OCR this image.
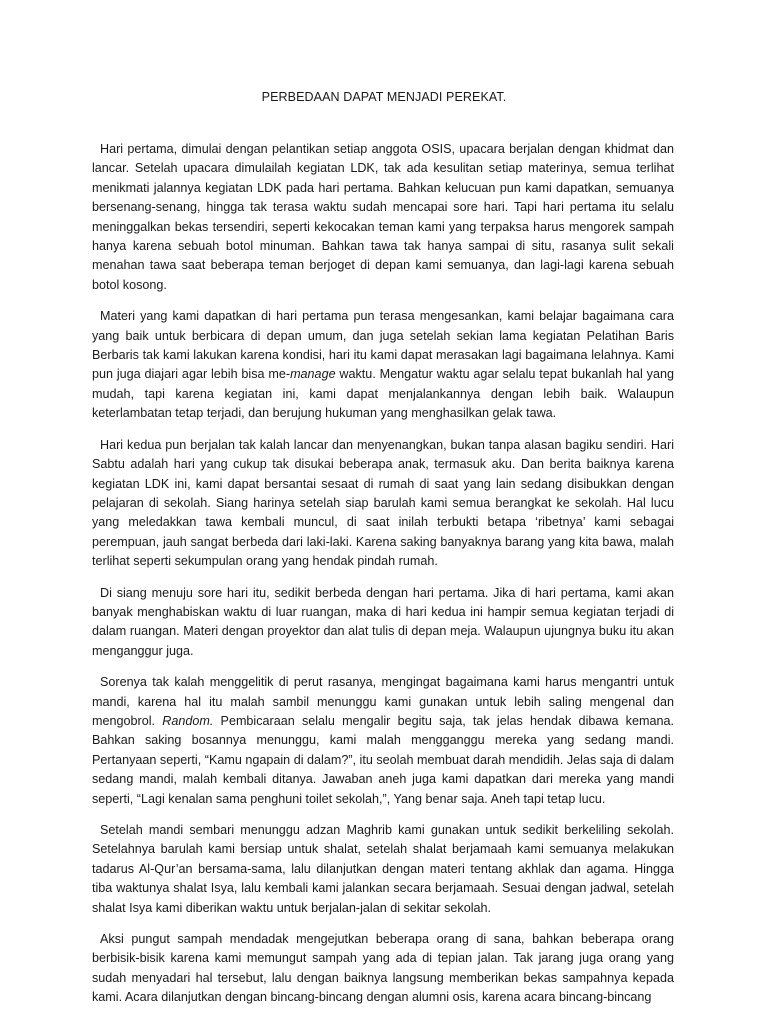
PERBEDAAN DAPAT MENJADI PEREKAT.

Hari pertama, dimulai dengan pelantikan setiap anggota OSIS, upacara berjalan dengan khidmat dan lancar. Setelah upacara dimulailah kegiatan LDK, tak ada kesulitan setiap materinya, semua terlihat menikmati jalannya kegiatan LDK pada hari pertama. Bahkan kelucuan pun kami dapatkan, semuanya bersenang-senang, hingga tak terasa waktu sudah mencapai sore hari. Tapi hari pertama itu selalu meninggalkan bekas tersendiri, seperti kekocakan teman kami yang terpaksa harus mengorek sampah hanya karena sebuah botol minuman. Bahkan tawa tak hanya sampai di situ, rasanya sulit sekali menahan tawa saat beberapa teman berjoget di depan kami semuanya, dan lagi-lagi karena sebuah botol kosong.

Materi yang kami dapatkan di hari pertama pun terasa mengesankan, kami belajar bagaimana cara yang baik untuk berbicara di depan umum, dan juga setelah sekian lama kegiatan Pelatihan Baris Berbaris tak kami lakukan karena kondisi, hari itu kami dapat merasakan lagi bagaimana lelahnya. Kami pun juga diajari agar lebih bisa me-manage waktu. Mengatur waktu agar selalu tepat bukanlah hal yang mudah, tapi karena kegiatan ini, kami dapat menjalankannya dengan lebih baik. Walaupun keterlambatan tetap terjadi, dan berujung hukuman yang menghasilkan gelak tawa.

Hari kedua pun berjalan tak kalah lancar dan menyenangkan, bukan tanpa alasan bagiku sendiri. Hari Sabtu adalah hari yang cukup tak disukai beberapa anak, termasuk aku. Dan berita baiknya karena kegiatan LDK ini, kami dapat bersantai sesaat di rumah di saat yang lain sedang disibukkan dengan pelajaran di sekolah. Siang harinya setelah siap barulah kami semua berangkat ke sekolah. Hal lucu yang meledakkan tawa kembali muncul, di saat inilah terbukti betapa ‘ribetnya’ kami sebagai perempuan, jauh sangat berbeda dari laki-laki. Karena saking banyaknya barang yang kita bawa, malah terlihat seperti sekumpulan orang yang hendak pindah rumah.

Di siang menuju sore hari itu, sedikit berbeda dengan hari pertama. Jika di hari pertama, kami akan banyak menghabiskan waktu di luar ruangan, maka di hari kedua ini hampir semua kegiatan terjadi di dalam ruangan. Materi dengan proyektor dan alat tulis di depan meja. Walaupun ujungnya buku itu akan menganggur juga.

Sorenya tak kalah menggelitik di perut rasanya, mengingat bagaimana kami harus mengantri untuk mandi, karena hal itu malah sambil menunggu kami gunakan untuk lebih saling mengenal dan mengobrol. Random. Pembicaraan selalu mengalir begitu saja, tak jelas hendak dibawa kemana. Bahkan saking bosannya menunggu, kami malah mengganggu mereka yang sedang mandi. Pertanyaan seperti, “Kamu ngapain di dalam?”, itu seolah membuat darah mendidih. Jelas saja di dalam sedang mandi, malah kembali ditanya. Jawaban aneh juga kami dapatkan dari mereka yang mandi seperti, “Lagi kenalan sama penghuni toilet sekolah,”, Yang benar saja. Aneh tapi tetap lucu.

Setelah mandi sembari menunggu adzan Maghrib kami gunakan untuk sedikit berkeliling sekolah. Setelahnya barulah kami bersiap untuk shalat, setelah shalat berjamaah kami semuanya melakukan tadarus Al-Qur’an bersama-sama, lalu dilanjutkan dengan materi tentang akhlak dan agama. Hingga tiba waktunya shalat Isya, lalu kembali kami jalankan secara berjamaah. Sesuai dengan jadwal, setelah shalat Isya kami diberikan waktu untuk berjalan-jalan di sekitar sekolah.

Aksi pungut sampah mendadak mengejutkan beberapa orang di sana, bahkan beberapa orang berbisik-bisik karena kami memungut sampah yang ada di tepian jalan. Tak jarang juga orang yang sudah menyadari hal tersebut, lalu dengan baiknya langsung memberikan bekas sampahnya kepada kami. Acara dilanjutkan dengan bincang-bincang dengan alumni osis, karena acara bincang-bincang
